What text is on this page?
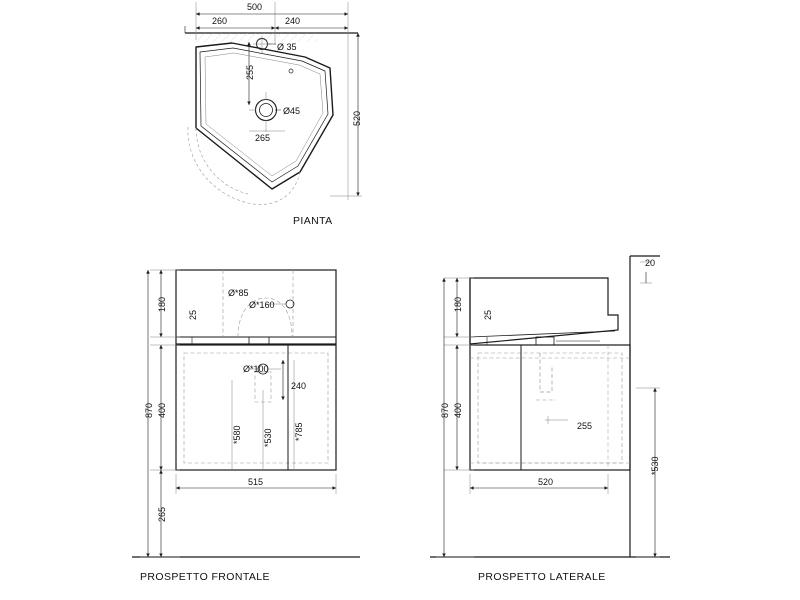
PIANTA
PROSPETTO FRONTALE	PROSPETTO LATERALE
500
260	240
520
255
Ø 35
Ø45
265
180
25
870 400
265
Ø*85
Ø*160
Ø*100
240
*580 *530 *785
515
20
180
25
870 400
255
520
*530
